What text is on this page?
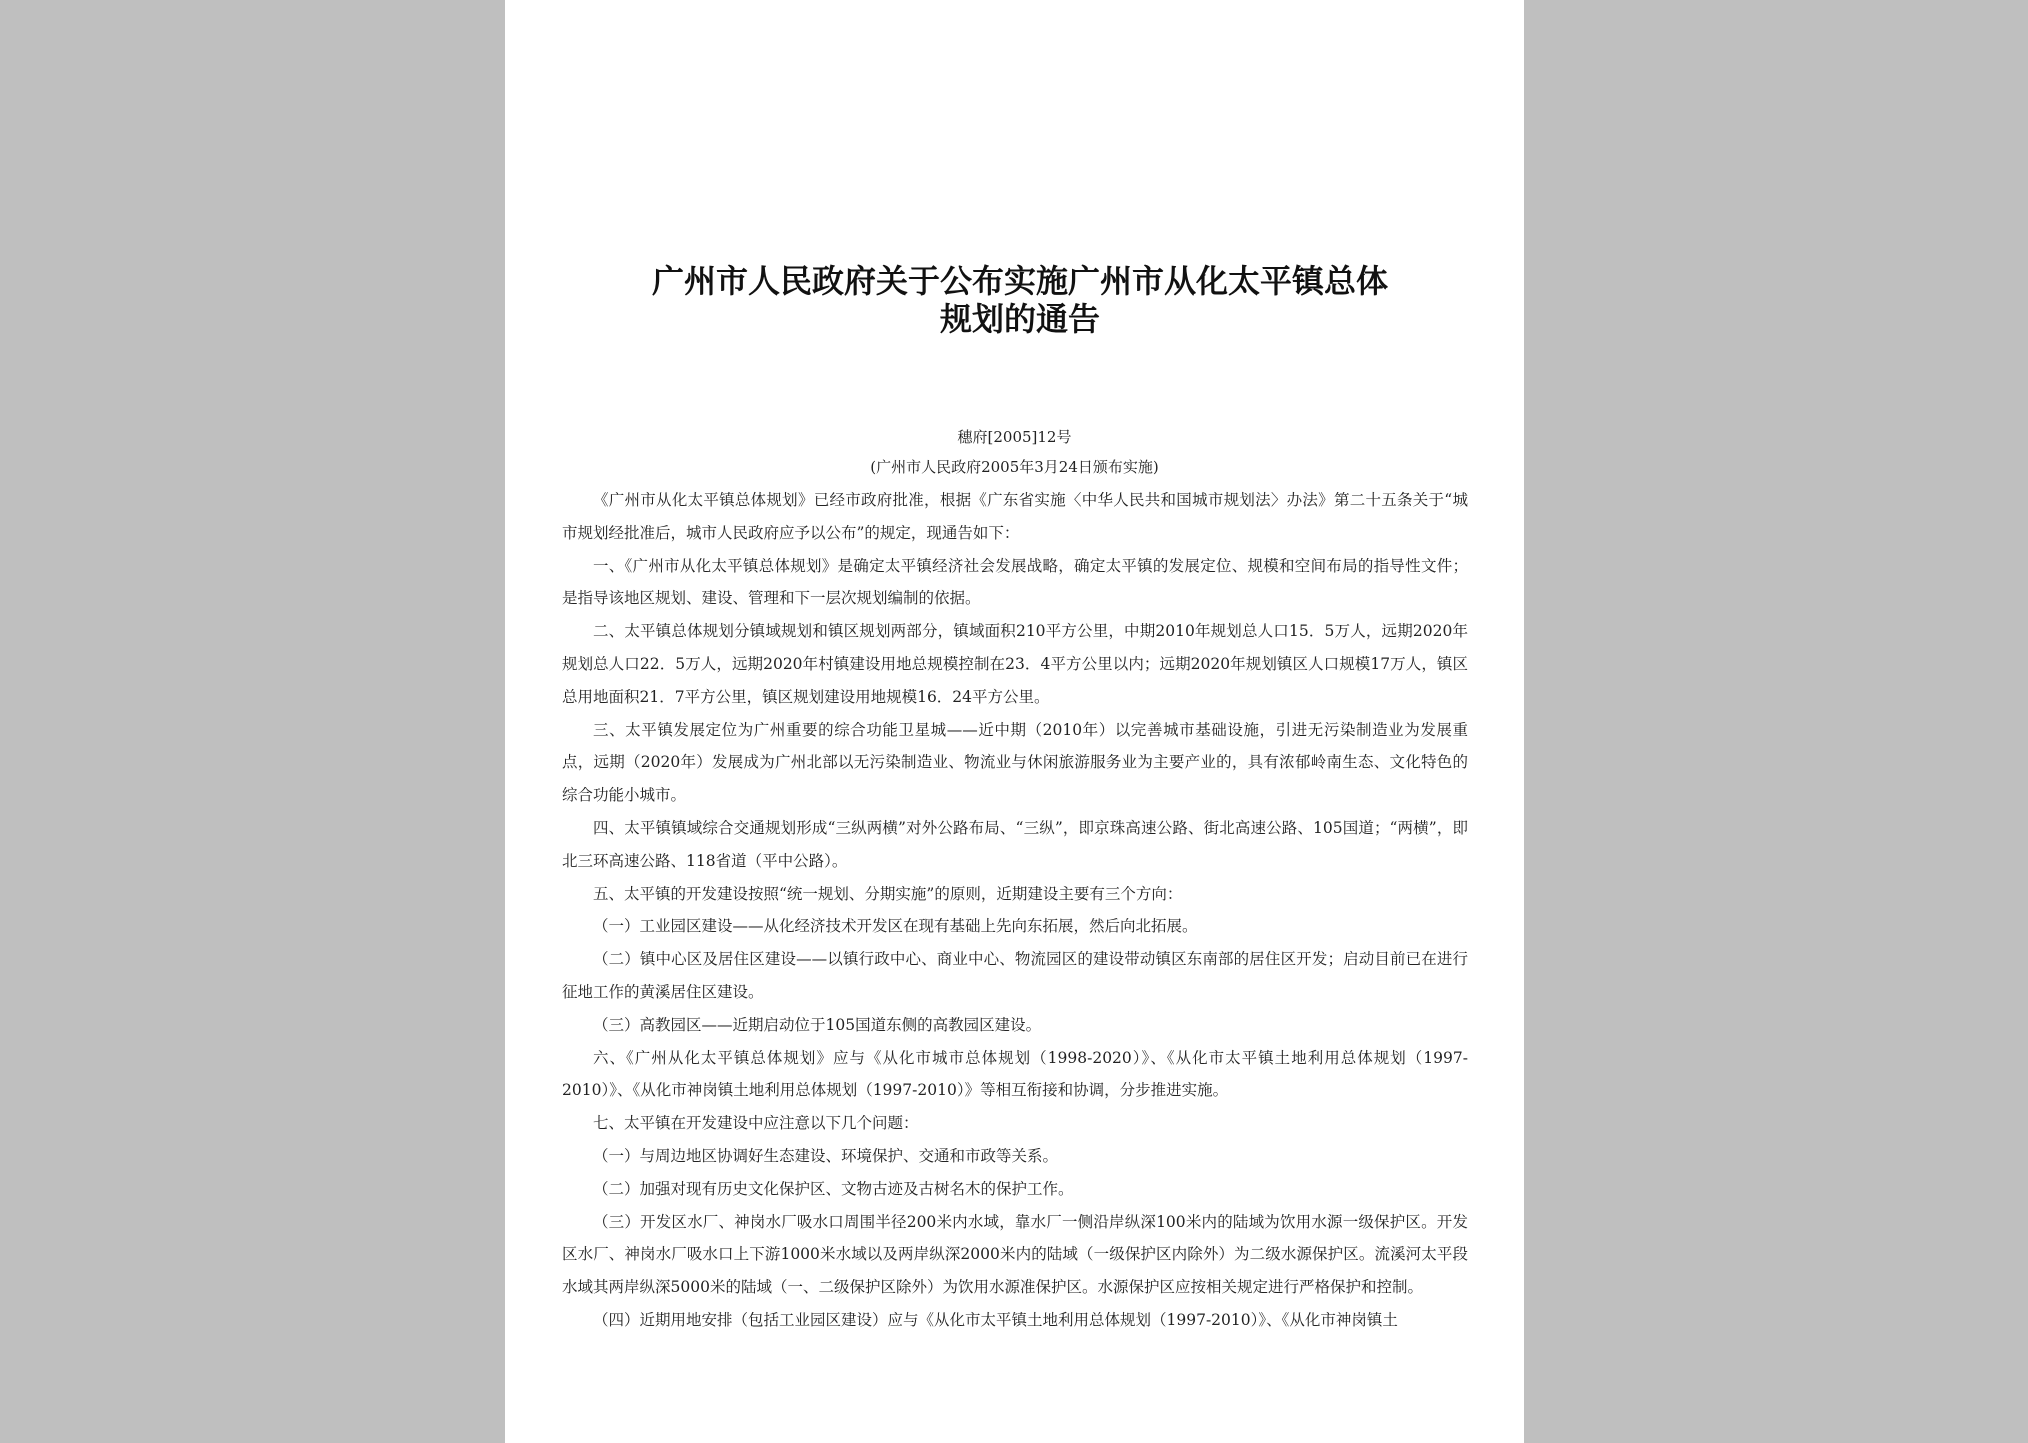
广州市人民政府关于公布实施广州市从化太平镇总体
规划的通告
穗府[2005]12号
(广州市人民政府2005年3月24日颁布实施)

《广州市从化太平镇总体规划》已经市政府批准，根据《广东省实施〈中华人民共和国城市规划法〉办法》第二十五条关于“城市规划经批准后，城市人民政府应予以公布”的规定，现通告如下：

一、《广州市从化太平镇总体规划》是确定太平镇经济社会发展战略，确定太平镇的发展定位、规模和空间布局的指导性文件；是指导该地区规划、建设、管理和下一层次规划编制的依据。

二、太平镇总体规划分镇域规划和镇区规划两部分，镇域面积210平方公里，中期2010年规划总人口15．5万人，远期2020年规划总人口22．5万人，远期2020年村镇建设用地总规模控制在23．4平方公里以内；远期2020年规划镇区人口规模17万人，镇区总用地面积21．7平方公里，镇区规划建设用地规模16．24平方公里。

三、太平镇发展定位为广州重要的综合功能卫星城——近中期（2010年）以完善城市基础设施，引进无污染制造业为发展重点，远期（2020年）发展成为广州北部以无污染制造业、物流业与休闲旅游服务业为主要产业的，具有浓郁岭南生态、文化特色的综合功能小城市。

四、太平镇镇域综合交通规划形成“三纵两横”对外公路布局、“三纵”，即京珠高速公路、街北高速公路、105国道；“两横”，即北三环高速公路、118省道（平中公路）。

五、太平镇的开发建设按照“统一规划、分期实施”的原则，近期建设主要有三个方向：

（一）工业园区建设——从化经济技术开发区在现有基础上先向东拓展，然后向北拓展。

（二）镇中心区及居住区建设——以镇行政中心、商业中心、物流园区的建设带动镇区东南部的居住区开发；启动目前已在进行征地工作的黄溪居住区建设。

（三）高教园区——近期启动位于105国道东侧的高教园区建设。

六、《广州从化太平镇总体规划》应与《从化市城市总体规划（1998-2020）》、《从化市太平镇土地利用总体规划（1997-2010）》、《从化市神岗镇土地利用总体规划（1997-2010）》等相互衔接和协调，分步推进实施。

七、太平镇在开发建设中应注意以下几个问题：

（一）与周边地区协调好生态建设、环境保护、交通和市政等关系。

（二）加强对现有历史文化保护区、文物古迹及古树名木的保护工作。

（三）开发区水厂、神岗水厂吸水口周围半径200米内水域，靠水厂一侧沿岸纵深100米内的陆域为饮用水源一级保护区。开发区水厂、神岗水厂吸水口上下游1000米水域以及两岸纵深2000米内的陆域（一级保护区内除外）为二级水源保护区。流溪河太平段水域其两岸纵深5000米的陆域（一、二级保护区除外）为饮用水源准保护区。水源保护区应按相关规定进行严格保护和控制。

（四）近期用地安排（包括工业园区建设）应与《从化市太平镇土地利用总体规划（1997-2010）》、《从化市神岗镇土
